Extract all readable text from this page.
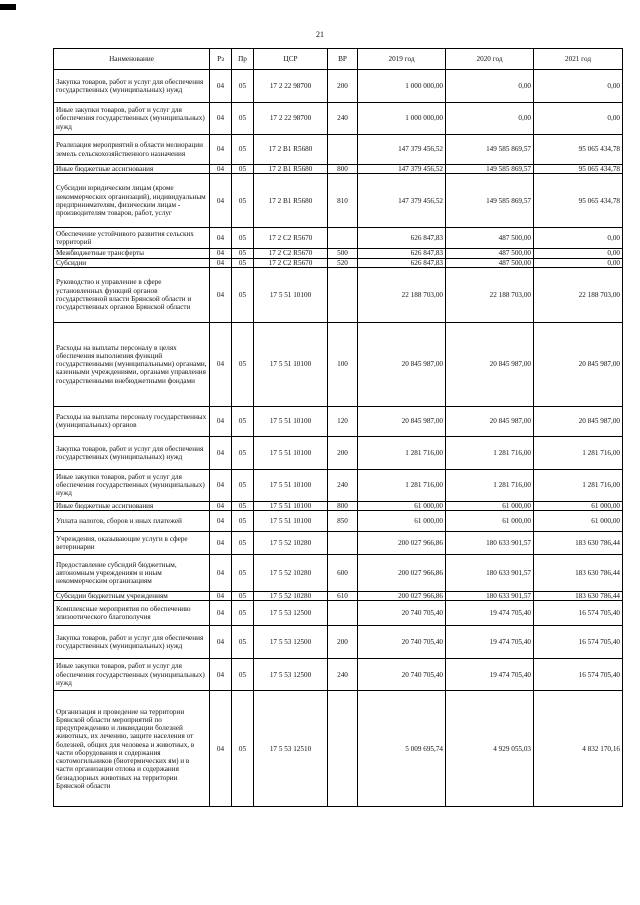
21
Наименование	Рз	Пр	ЦСР	ВР	2019 год	2020 год	2021 год
Закупка товаров, работ и услуг для обеспечения государственных (муниципальных) нужд	04	05	17 2 22 98700	200	1 000 000,00	0,00	0,00
Иные закупки товаров, работ и услуг для обеспечения государственных (муниципальных) нужд	04	05	17 2 22 98700	240	1 000 000,00	0,00	0,00
Реализация мероприятий в области мелиорации земель сельскохозяйственного назначения	04	05	17 2 B1 R5680		147 379 456,52	149 585 869,57	95 065 434,78
Иные бюджетные ассигнования	04	05	17 2 B1 R5680	800	147 379 456,52	149 585 869,57	95 065 434,78
Субсидии юридическим лицам (кроме некоммерческих организаций), индивидуальным предпринимателям, физическим лицам - производителям товаров, работ, услуг	04	05	17 2 B1 R5680	810	147 379 456,52	149 585 869,57	95 065 434,78
Обеспечение устойчивого развития сельских территорий	04	05	17 2 C2 R5670		626 847,83	487 500,00	0,00
Межбюджетные трансферты	04	05	17 2 C2 R5670	500	626 847,83	487 500,00	0,00
Субсидии	04	05	17 2 C2 R5670	520	626 847,83	487 500,00	0,00
Руководство и управление в сфере установленных функций органов государственной власти Брянской области и государственных органов Брянской области	04	05	17 5 51 10100		22 188 703,00	22 188 703,00	22 188 703,00
Расходы на выплаты персоналу в целях обеспечения выполнения функций государственными (муниципальными) органами, казенными учреждениями, органами управления государственными внебюджетными фондами	04	05	17 5 51 10100	100	20 845 987,00	20 845 987,00	20 845 987,00
Расходы на выплаты персоналу государственных (муниципальных) органов	04	05	17 5 51 10100	120	20 845 987,00	20 845 987,00	20 845 987,00
Закупка товаров, работ и услуг для обеспечения государственных (муниципальных) нужд	04	05	17 5 51 10100	200	1 281 716,00	1 281 716,00	1 281 716,00
Иные закупки товаров, работ и услуг для обеспечения государственных (муниципальных) нужд	04	05	17 5 51 10100	240	1 281 716,00	1 281 716,00	1 281 716,00
Иные бюджетные ассигнования	04	05	17 5 51 10100	800	61 000,00	61 000,00	61 000,00
Уплата налогов, сборов и иных платежей	04	05	17 5 51 10100	850	61 000,00	61 000,00	61 000,00
Учреждения, оказывающие услуги в сфере ветеринарии	04	05	17 5 52 10280		200 027 966,86	180 633 901,57	183 630 786,44
Предоставление субсидий бюджетным, автономным учреждениям и иным некоммерческим организациям	04	05	17 5 52 10280	600	200 027 966,86	180 633 901,57	183 630 786,44
Субсидии бюджетным учреждениям	04	05	17 5 52 10280	610	200 027 966,86	180 633 901,57	183 630 786,44
Комплексные мероприятия по обеспечению эпизоотического благополучия	04	05	17 5 53 12500		20 740 705,40	19 474 705,40	16 574 705,40
Закупка товаров, работ и услуг для обеспечения государственных (муниципальных) нужд	04	05	17 5 53 12500	200	20 740 705,40	19 474 705,40	16 574 705,40
Иные закупки товаров, работ и услуг для обеспечения государственных (муниципальных) нужд	04	05	17 5 53 12500	240	20 740 705,40	19 474 705,40	16 574 705,40
Организация и проведение на территории Брянской области мероприятий по предупреждению и ликвидации болезней животных, их лечению, защите населения от болезней, общих для человека и животных, в части оборудования и содержания скотомогильников (биотермических ям) и в части организации отлова и содержания безнадзорных животных на территории Брянской области	04	05	17 5 53 12510		5 009 695,74	4 929 055,03	4 832 170,16
